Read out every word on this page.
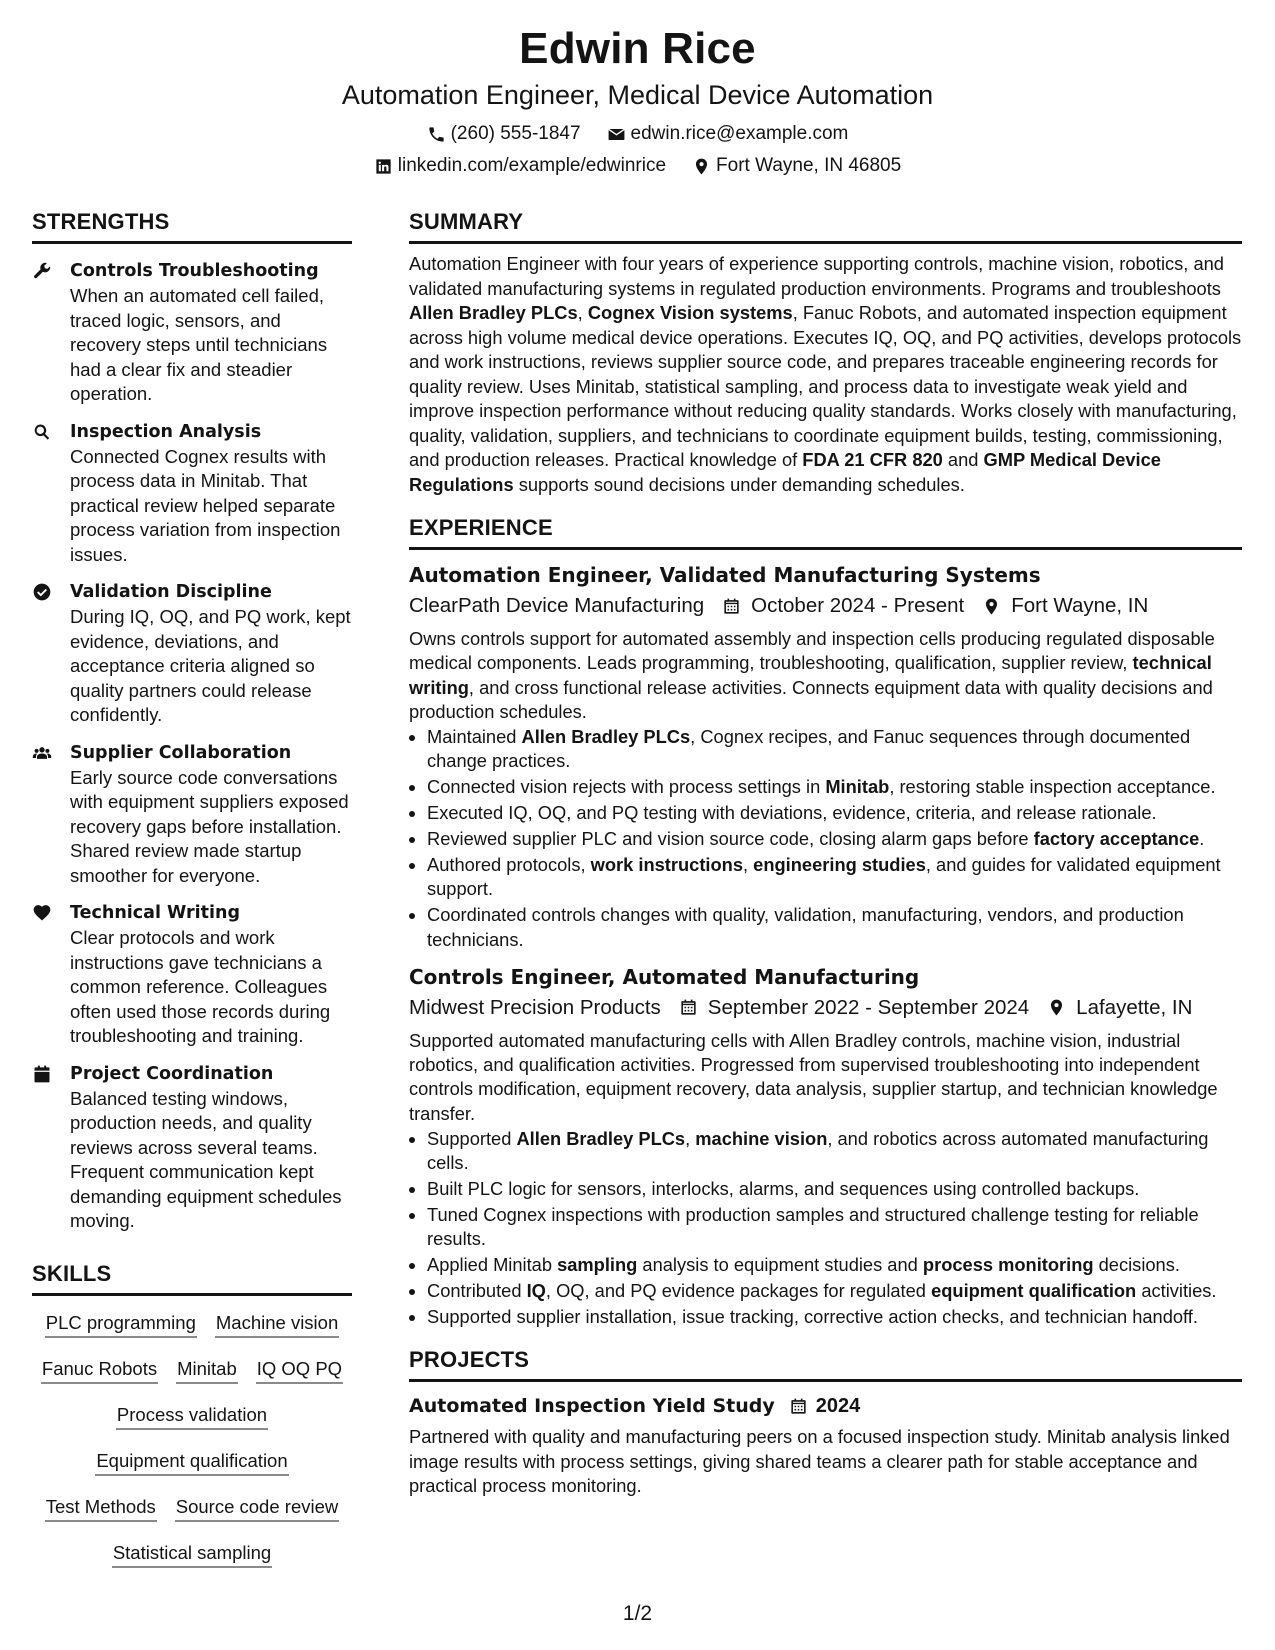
Edwin Rice
Automation Engineer, Medical Device Automation
(260) 555-1847	edwin.rice@example.com
linkedin.com/example/edwinrice	Fort Wayne, IN 46805
STRENGTHS
Controls Troubleshooting
When an automated cell failed, traced logic, sensors, and recovery steps until technicians had a clear fix and steadier operation.
Inspection Analysis
Connected Cognex results with process data in Minitab. That practical review helped separate process variation from inspection issues.
Validation Discipline
During IQ, OQ, and PQ work, kept evidence, deviations, and acceptance criteria aligned so quality partners could release confidently.
Supplier Collaboration
Early source code conversations with equipment suppliers exposed recovery gaps before installation. Shared review made startup smoother for everyone.
Technical Writing
Clear protocols and work instructions gave technicians a common reference. Colleagues often used those records during troubleshooting and training.
Project Coordination
Balanced testing windows, production needs, and quality reviews across several teams. Frequent communication kept demanding equipment schedules moving.
SKILLS
PLC programming Machine vision
Fanuc Robots Minitab IQ OQ PQ
Process validation
Equipment qualification
Test Methods Source code review
Statistical sampling
SUMMARY

Automation Engineer with four years of experience supporting controls, machine vision, robotics, and validated manufacturing systems in regulated production environments. Programs and troubleshoots Allen Bradley PLCs, Cognex Vision systems, Fanuc Robots, and automated inspection equipment across high volume medical device operations. Executes IQ, OQ, and PQ activities, develops protocols and work instructions, reviews supplier source code, and prepares traceable engineering records for quality review. Uses Minitab, statistical sampling, and process data to investigate weak yield and improve inspection performance without reducing quality standards. Works closely with manufacturing, quality, validation, suppliers, and technicians to coordinate equipment builds, testing, commissioning, and production releases. Practical knowledge of FDA 21 CFR 820 and GMP Medical Device Regulations supports sound decisions under demanding schedules.

EXPERIENCE
Automation Engineer, Validated Manufacturing Systems
ClearPath Device Manufacturing October 2024 - Present Fort Wayne, IN
Owns controls support for automated assembly and inspection cells producing regulated disposable medical components. Leads programming, troubleshooting, qualification, supplier review, technical writing, and cross functional release activities. Connects equipment data with quality decisions and production schedules.
• Maintained Allen Bradley PLCs, Cognex recipes, and Fanuc sequences through documented change practices.
• Connected vision rejects with process settings in Minitab, restoring stable inspection acceptance.
• Executed IQ, OQ, and PQ testing with deviations, evidence, criteria, and release rationale.
• Reviewed supplier PLC and vision source code, closing alarm gaps before factory acceptance.
• Authored protocols, work instructions, engineering studies, and guides for validated equipment support.
• Coordinated controls changes with quality, validation, manufacturing, vendors, and production technicians.
Controls Engineer, Automated Manufacturing
Midwest Precision Products September 2022 - September 2024 Lafayette, IN
Supported automated manufacturing cells with Allen Bradley controls, machine vision, industrial robotics, and qualification activities. Progressed from supervised troubleshooting into independent controls modification, equipment recovery, data analysis, supplier startup, and technician knowledge transfer.
• Supported Allen Bradley PLCs, machine vision, and robotics across automated manufacturing cells.
• Built PLC logic for sensors, interlocks, alarms, and sequences using controlled backups.
• Tuned Cognex inspections with production samples and structured challenge testing for reliable results.
• Applied Minitab sampling analysis to equipment studies and process monitoring decisions.
• Contributed IQ, OQ, and PQ evidence packages for regulated equipment qualification activities.
• Supported supplier installation, issue tracking, corrective action checks, and technician handoff.
PROJECTS
Automated Inspection Yield Study 2024
Partnered with quality and manufacturing peers on a focused inspection study. Minitab analysis linked image results with process settings, giving shared teams a clearer path for stable acceptance and practical process monitoring.
1/2
